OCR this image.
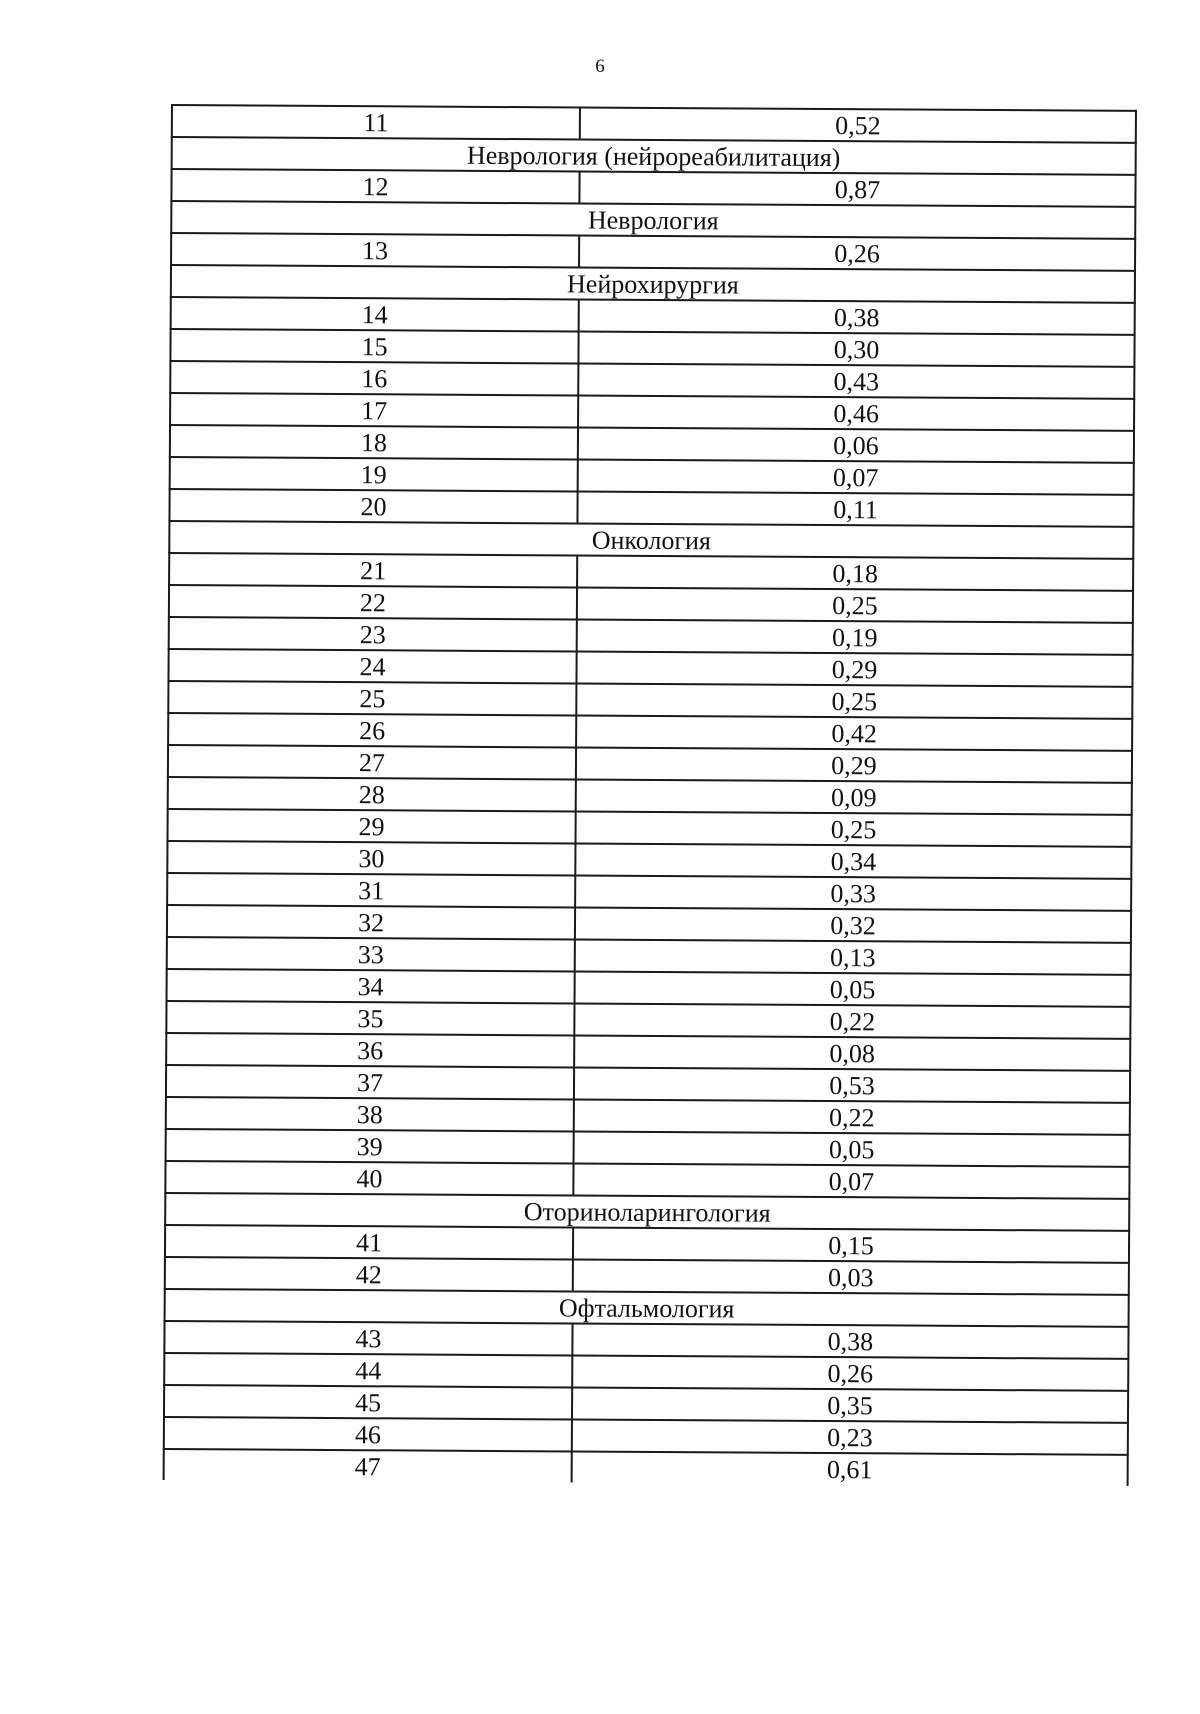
6
11	0,52
Неврология (нейрореабилитация)	
12	0,87
Неврология	
13	0,26
Нейрохирургия	
14	0,38
15	0,30
16	0,43
17	0,46
18	0,06
19	0,07
20	0,11
Онкология	
21	0,18
22	0,25
23	0,19
24	0,29
25	0,25
26	0,42
27	0,29
28	0,09
29	0,25
30	0,34
31	0,33
32	0,32
33	0,13
34	0,05
35	0,22
36	0,08
37	0,53
38	0,22
39	0,05
40	0,07
Оториноларингология	
41	0,15
42	0,03
Офтальмология	
43	0,38
44	0,26
45	0,35
46	0,23
47	0,61
